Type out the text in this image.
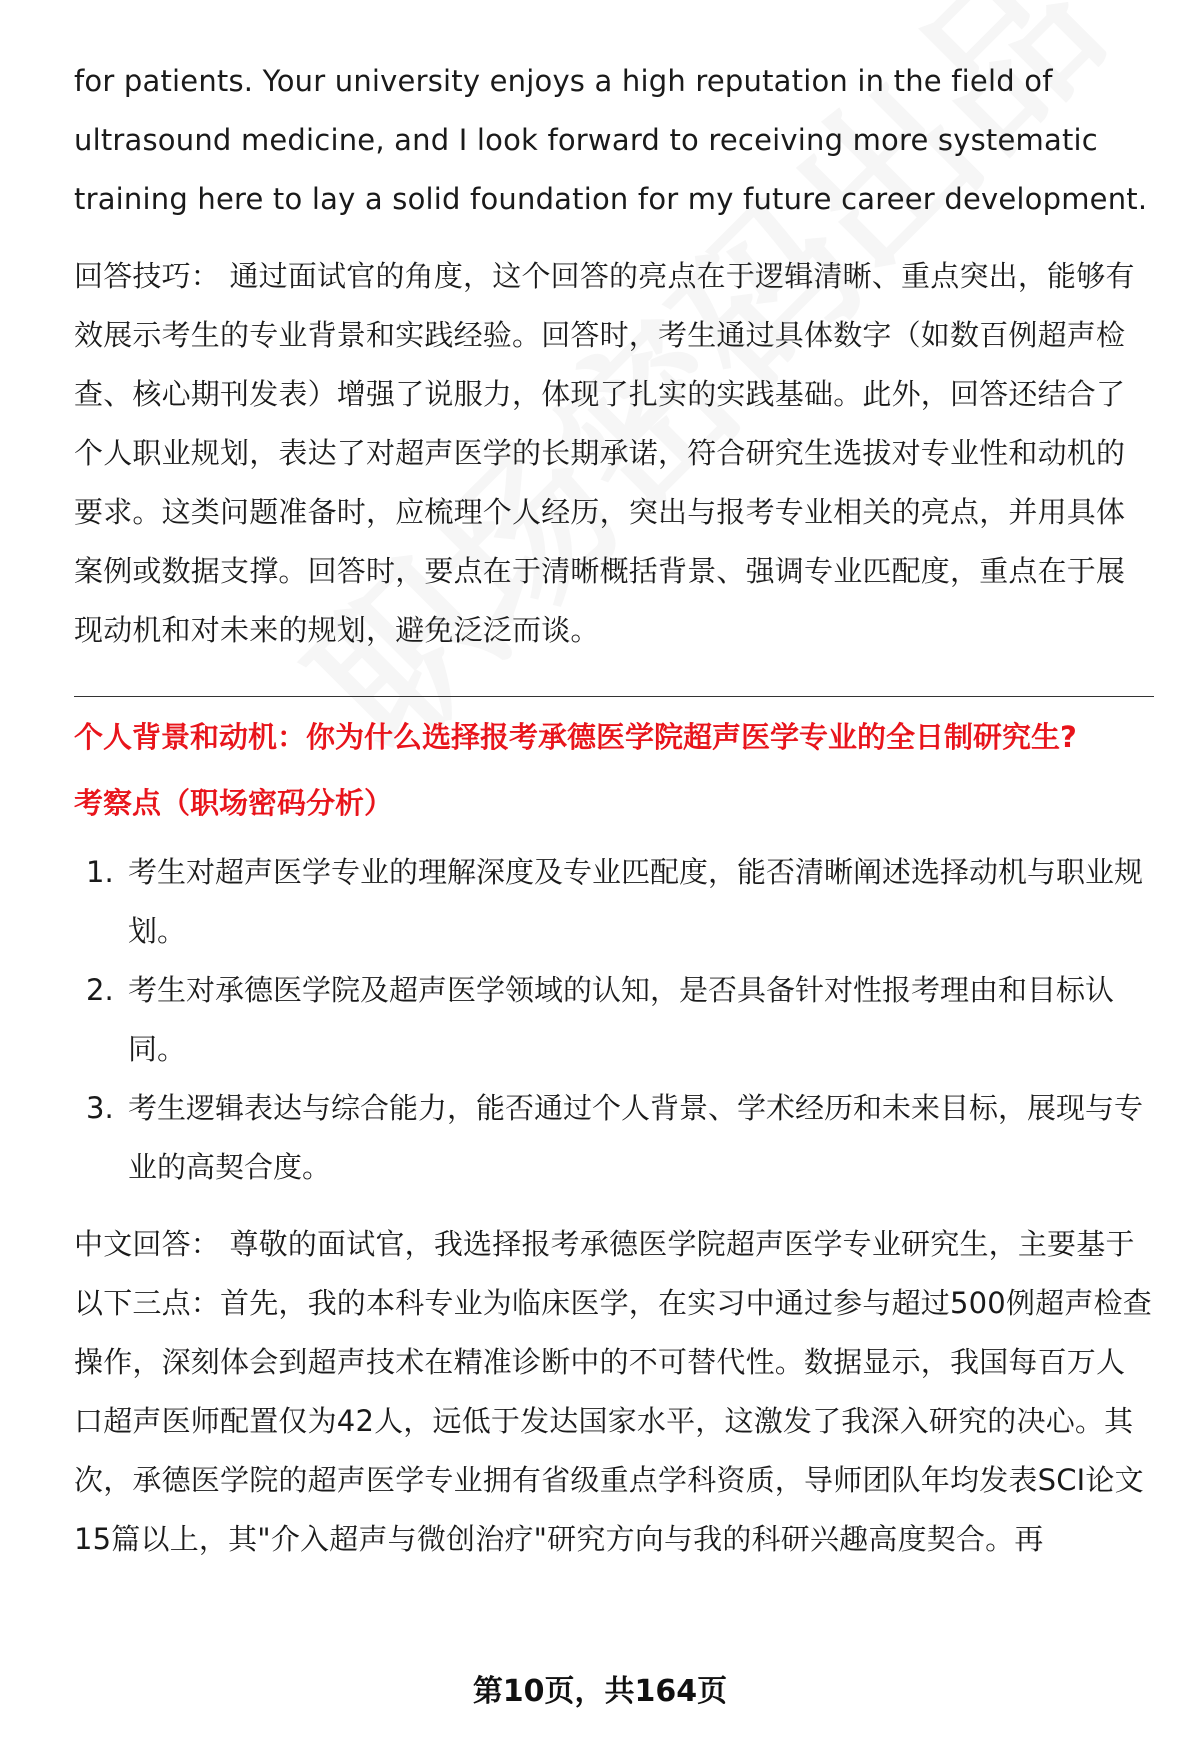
for patients. Your university enjoys a high reputation in the field of ultrasound medicine, and I look forward to receiving more systematic training here to lay a solid foundation for my future career development.

回答技巧： 通过面试官的角度，这个回答的亮点在于逻辑清晰、重点突出，能够有效展示考生的专业背景和实践经验。回答时，考生通过具体数字（如数百例超声检查、核心期刊发表）增强了说服力，体现了扎实的实践基础。此外，回答还结合了个人职业规划，表达了对超声医学的长期承诺，符合研究生选拔对专业性和动机的要求。这类问题准备时，应梳理个人经历，突出与报考专业相关的亮点，并用具体案例或数据支撑。回答时，要点在于清晰概括背景、强调专业匹配度，重点在于展现动机和对未来的规划，避免泛泛而谈。

个人背景和动机：你为什么选择报考承德医学院超声医学专业的全日制研究生?

考察点（职场密码分析）

1. 考生对超声医学专业的理解深度及专业匹配度，能否清晰阐述选择动机与职业规划。
2. 考生对承德医学院及超声医学领域的认知，是否具备针对性报考理由和目标认同。
3. 考生逻辑表达与综合能力，能否通过个人背景、学术经历和未来目标，展现与专业的高契合度。

中文回答： 尊敬的面试官，我选择报考承德医学院超声医学专业研究生，主要基于以下三点：首先，我的本科专业为临床医学，在实习中通过参与超过500例超声检查操作，深刻体会到超声技术在精准诊断中的不可替代性。数据显示，我国每百万人口超声医师配置仅为42人，远低于发达国家水平，这激发了我深入研究的决心。其次，承德医学院的超声医学专业拥有省级重点学科资质，导师团队年均发表SCI论文15篇以上，其"介入超声与微创治疗"研究方向与我的科研兴趣高度契合。再

第10页，共164页
